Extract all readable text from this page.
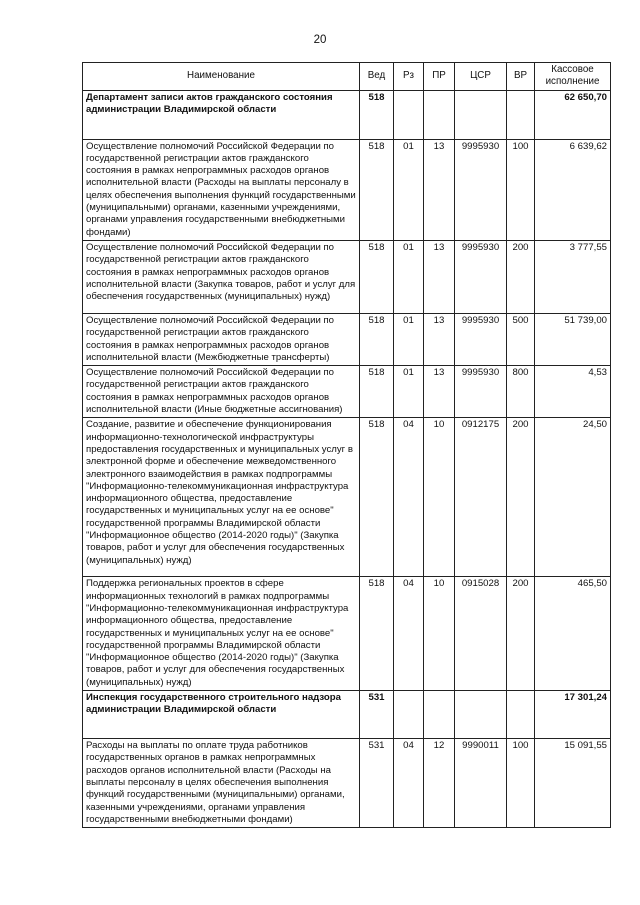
20
Наименование	Вед	Рз	ПР	ЦСР	ВР	Кассовое исполнение
Департамент записи актов гражданского состояния администрации Владимирской области	518					62 650,70
Осуществление полномочий Российской Федерации по государственной регистрации актов гражданского состояния в рамках непрограммных расходов органов исполнительной власти (Расходы на выплаты персоналу в целях обеспечения выполнения функций государственными (муниципальными) органами, казенными учреждениями, органами управления государственными внебюджетными фондами)	518	01	13	9995930	100	6 639,62
Осуществление полномочий Российской Федерации по государственной регистрации актов гражданского состояния в рамках непрограммных расходов органов исполнительной власти (Закупка товаров, работ и услуг для обеспечения государственных (муниципальных) нужд)	518	01	13	9995930	200	3 777,55
Осуществление полномочий Российской Федерации по государственной регистрации актов гражданского состояния в рамках непрограммных расходов органов исполнительной власти (Межбюджетные трансферты)	518	01	13	9995930	500	51 739,00
Осуществление полномочий Российской Федерации по государственной регистрации актов гражданского состояния в рамках непрограммных расходов органов исполнительной власти (Иные бюджетные ассигнования)	518	01	13	9995930	800	4,53
Создание, развитие и обеспечение функционирования информационно-технологической инфраструктуры предоставления государственных и муниципальных услуг в электронной форме и обеспечение межведомственного электронного взаимодействия в рамках подпрограммы "Информационно-телекоммуникационная инфраструктура информационного общества, предоставление государственных и муниципальных услуг на ее основе" государственной программы Владимирской области "Информационное общество (2014-2020 годы)" (Закупка товаров, работ и услуг для обеспечения государственных (муниципальных) нужд)	518	04	10	0912175	200	24,50
Поддержка региональных проектов в сфере информационных технологий в рамках подпрограммы "Информационно-телекоммуникационная инфраструктура информационного общества, предоставление государственных и муниципальных услуг на ее основе" государственной программы Владимирской области "Информационное общество (2014-2020 годы)" (Закупка товаров, работ и услуг для обеспечения государственных (муниципальных) нужд)	518	04	10	0915028	200	465,50
Инспекция государственного строительного надзора администрации Владимирской области	531					17 301,24
Расходы на выплаты по оплате труда работников государственных органов в рамках непрограммных расходов органов исполнительной власти (Расходы на выплаты персоналу в целях обеспечения выполнения функций государственными (муниципальными) органами, казенными учреждениями, органами управления государственными внебюджетными фондами)	531	04	12	9990011	100	15 091,55
